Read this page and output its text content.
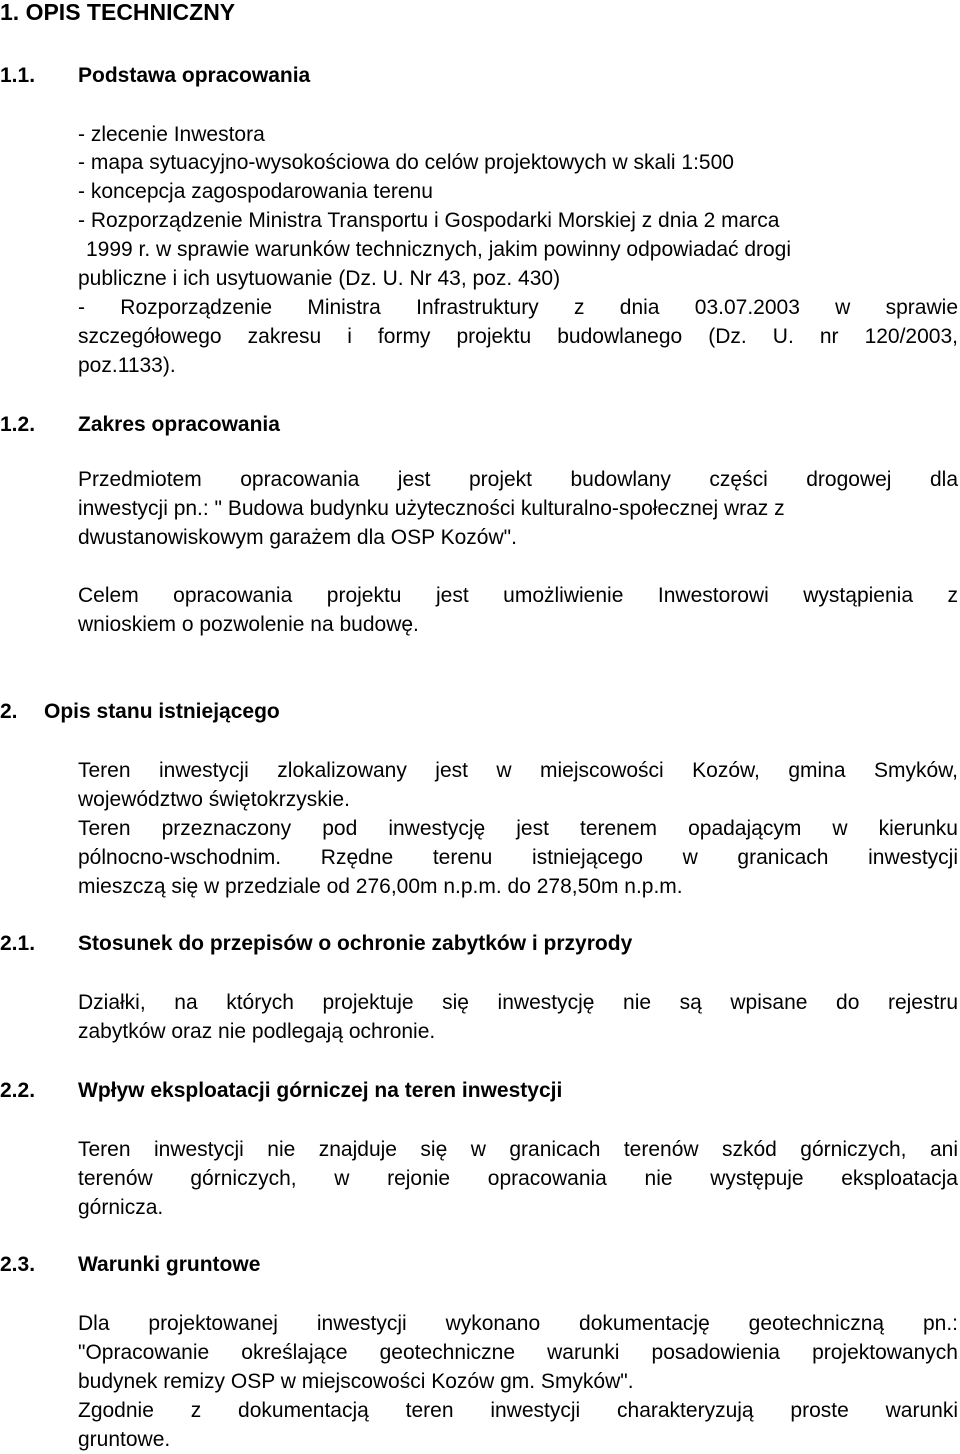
1. OPIS TECHNICZNY
1.1. Podstawa opracowania
- zlecenie Inwestora
- mapa sytuacyjno-wysokościowa do celów projektowych w skali 1:500
- koncepcja zagospodarowania terenu
- Rozporządzenie Ministra Transportu i Gospodarki Morskiej z dnia 2 marca
1999 r. w sprawie warunków technicznych, jakim powinny odpowiadać drogi
publiczne i ich usytuowanie (Dz. U. Nr 43, poz. 430)
- Rozporządzenie Ministra Infrastruktury z dnia 03.07.2003 w sprawie
szczegółowego zakresu i formy projektu budowlanego (Dz. U. nr 120/2003,
poz.1133).
1.2. Zakres opracowania
Przedmiotem opracowania jest projekt budowlany części drogowej dla
inwestycji pn.: " Budowa budynku użyteczności kulturalno-społecznej wraz z
dwustanowiskowym garażem dla OSP Kozów".
Celem opracowania projektu jest umożliwienie Inwestorowi wystąpienia z
wnioskiem o pozwolenie na budowę.
2. Opis stanu istniejącego
Teren inwestycji zlokalizowany jest w miejscowości Kozów, gmina Smyków,
województwo świętokrzyskie.
Teren przeznaczony pod inwestycję jest terenem opadającym w kierunku
pólnocno-wschodnim. Rzędne terenu istniejącego w granicach inwestycji
mieszczą się w przedziale od 276,00m n.p.m. do 278,50m n.p.m.
2.1. Stosunek do przepisów o ochronie zabytków i przyrody
Działki, na których projektuje się inwestycję nie są wpisane do rejestru
zabytków oraz nie podlegają ochronie.
2.2. Wpływ eksploatacji górniczej na teren inwestycji
Teren inwestycji nie znajduje się w granicach terenów szkód górniczych, ani
terenów górniczych, w rejonie opracowania nie występuje eksploatacja
górnicza.
2.3. Warunki gruntowe
Dla projektowanej inwestycji wykonano dokumentację geotechniczną pn.:
"Opracowanie określające geotechniczne warunki posadowienia projektowanych
budynek remizy OSP w miejscowości Kozów gm. Smyków".
Zgodnie z dokumentacją teren inwestycji charakteryzują proste warunki
gruntowe.
